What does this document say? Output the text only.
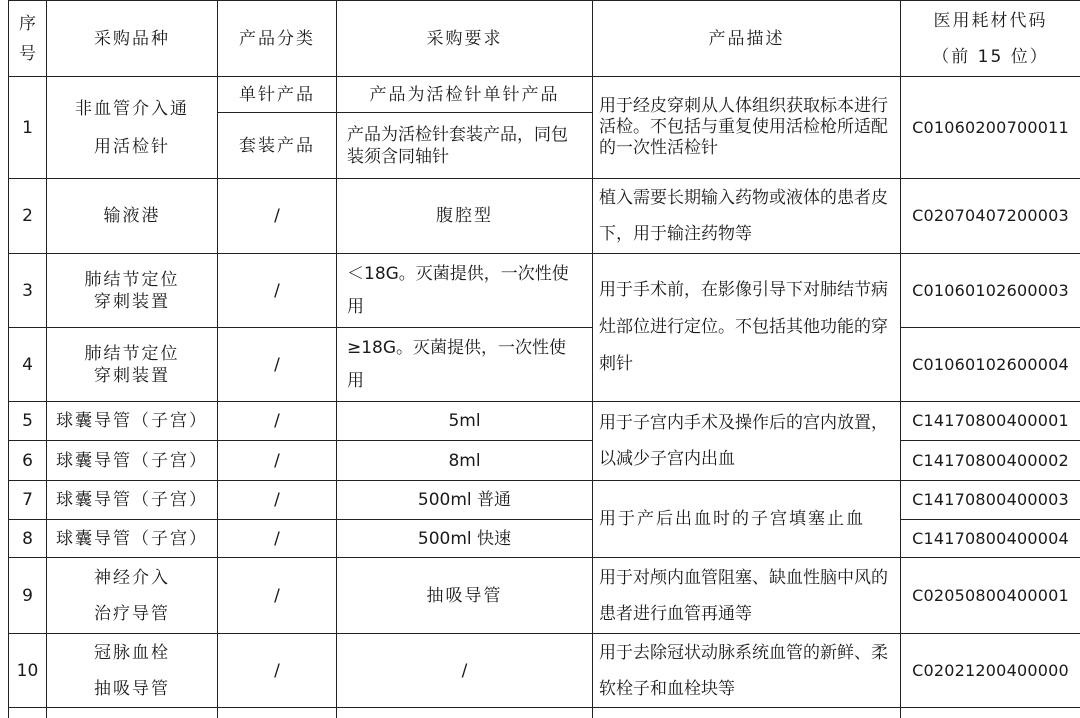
序号	采购品种	产品分类	采购要求	产品描述	医用耗材代码
（前 15 位）

1	非血管介入通用活检针	单针产品	产品为活检针单针产品	用于经皮穿刺从人体组织获取标本进行活检。不包括与重复使用活检枪所适配的一次性活检针	C01060200700011
		套装产品	产品为活检针套装产品，同包装须含同轴针		
2	输液港	/	腹腔型	植入需要长期输入药物或液体的患者皮下，用于输注药物等	C02070407200003
3	肺结节定位穿刺装置	/	＜18G。灭菌提供，一次性使用	用于手术前，在影像引导下对肺结节病灶部位进行定位。不包括其他功能的穿刺针	C01060102600003
4	肺结节定位穿刺装置	/	≥18G。灭菌提供，一次性使用		C01060102600004
5	球囊导管（子宫）	/	5ml	用于子宫内手术及操作后的宫内放置，以减少子宫内出血	C14170800400001
6	球囊导管（子宫）	/	8ml		C14170800400002
7	球囊导管（子宫）	/	500ml 普通	用于产后出血时的子宫填塞止血	C14170800400003
8	球囊导管（子宫）	/	500ml 快速		C14170800400004
9	神经介入治疗导管	/	抽吸导管	用于对颅内血管阻塞、缺血性脑中风的患者进行血管再通等	C02050800400001
10	冠脉血栓抽吸导管	/	/	用于去除冠状动脉系统血管的新鲜、柔软栓子和血栓块等	C02021200400000
